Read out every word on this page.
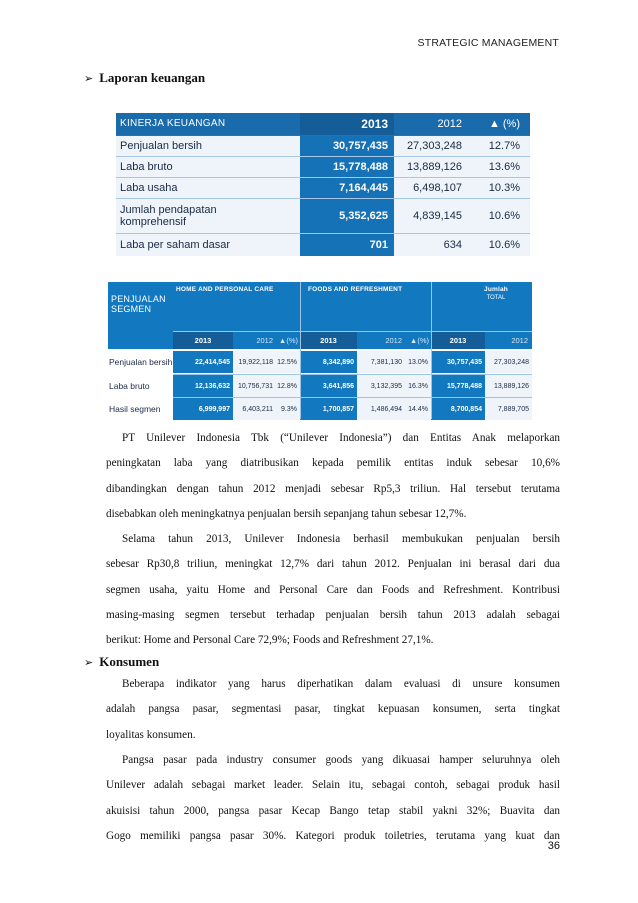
STRATEGIC MANAGEMENT
➢ Laporan keuangan
KINERJA KEUANGAN	2013	2012	▲ (%)
Penjualan bersih	30,757,435	27,303,248	12.7%
Laba bruto	15,778,488	13,889,126	13.6%
Laba usaha	7,164,445	6,498,107	10.3%
Jumlah pendapatan komprehensif	5,352,625	4,839,145	10.6%
Laba per saham dasar	701	634	10.6%
PENJUALAN SEGMEN
HOME AND PERSONAL CARE	FOODS AND REFRESHMENT	Jumlah
TOTAL
2013	2012 ▲(%)	2013	2012	▲(%)	2013	2012
Penjualan bersih	22,414,545	19,922,118 12.5%	8,342,890	7,381,130 13.0%	30,757,435	27,303,248
Laba bruto	12,136,632	10,756,731 12.8%	3,641,856	3,132,395 16.3%	15,778,488	13,889,126
Hasil segmen	6,999,997	6,403,211	9.3%	1,700,857	1,486,494 14.4%	8,700,854	7,889,705
PT Unilever Indonesia Tbk (“Unilever Indonesia”) dan Entitas Anak melaporkan
peningkatan laba yang diatribusikan kepada pemilik entitas induk sebesar 10,6%
dibandingkan dengan tahun 2012 menjadi sebesar Rp5,3 triliun. Hal tersebut terutama
disebabkan oleh meningkatnya penjualan bersih sepanjang tahun sebesar 12,7%.
Selama tahun 2013, Unilever Indonesia berhasil membukukan penjualan bersih
sebesar Rp30,8 triliun, meningkat 12,7% dari tahun 2012. Penjualan ini berasal dari dua
segmen usaha, yaitu Home and Personal Care dan Foods and Refreshment. Kontribusi
masing-masing segmen tersebut terhadap penjualan bersih tahun 2013 adalah sebagai
berikut: Home and Personal Care 72,9%; Foods and Refreshment 27,1%.
➢ Konsumen
Beberapa indikator yang harus diperhatikan dalam evaluasi di unsure konsumen
adalah pangsa pasar, segmentasi pasar, tingkat kepuasan konsumen, serta tingkat
loyalitas konsumen.
Pangsa pasar pada industry consumer goods yang dikuasai hamper seluruhnya oleh
Unilever adalah sebagai market leader. Selain itu, sebagai contoh, sebagai produk hasil
akuisisi tahun 2000, pangsa pasar Kecap Bango tetap stabil yakni 32%; Buavita dan
Gogo memiliki pangsa pasar 30%. Kategori produk toiletries, terutama yang kuat dan
36
